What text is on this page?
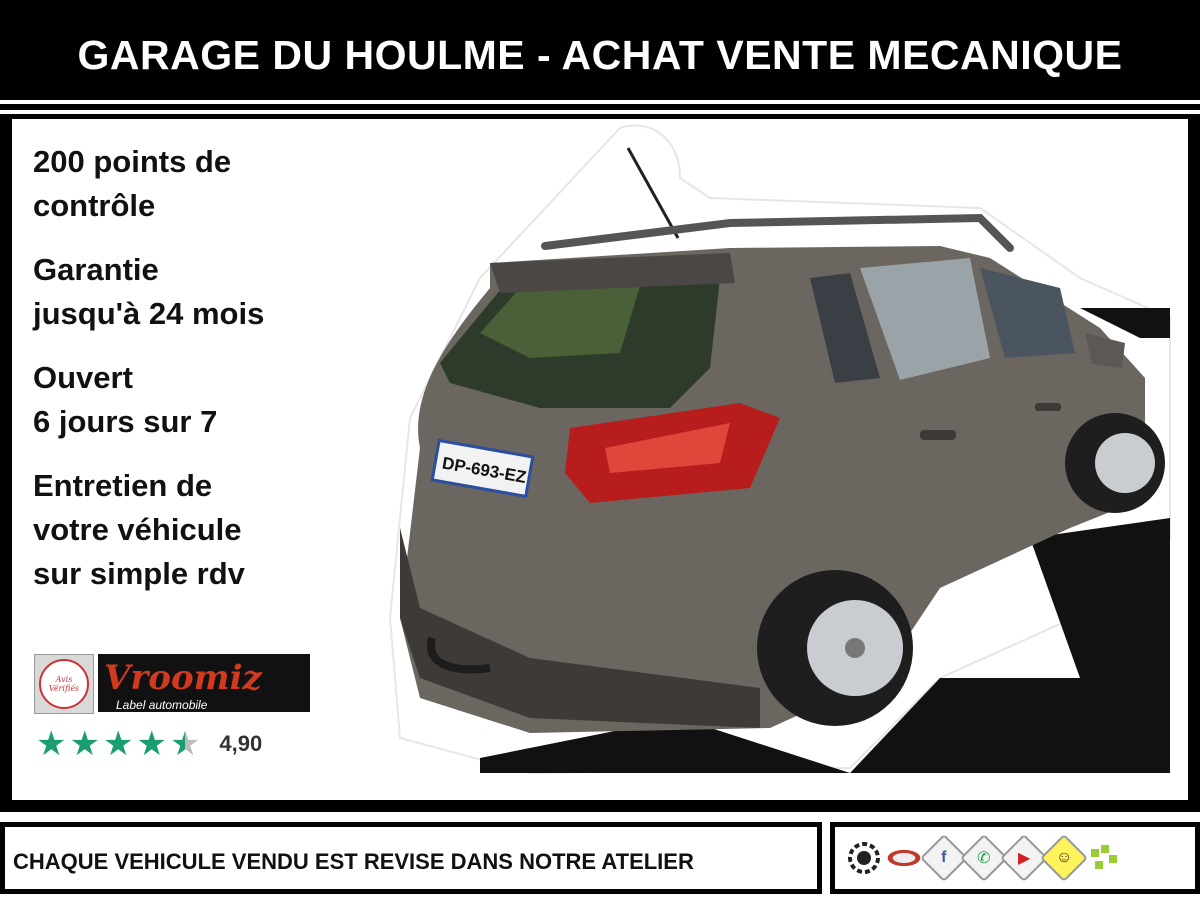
GARAGE DU HOULME - ACHAT VENTE MECANIQUE
200 points de
contrôle
Garantie
jusqu'à 24 mois
Ouvert
6 jours sur 7
Entretien de
votre véhicule
sur simple rdv
Avis
Vérifiés Vroomiz
Label automobile
★ ★ ★ ★ ★ 4,90
DP-693-EZ
CHAQUE VEHICULE VENDU EST REVISE DANS NOTRE ATELIER	f ✆ ▶ ☺
